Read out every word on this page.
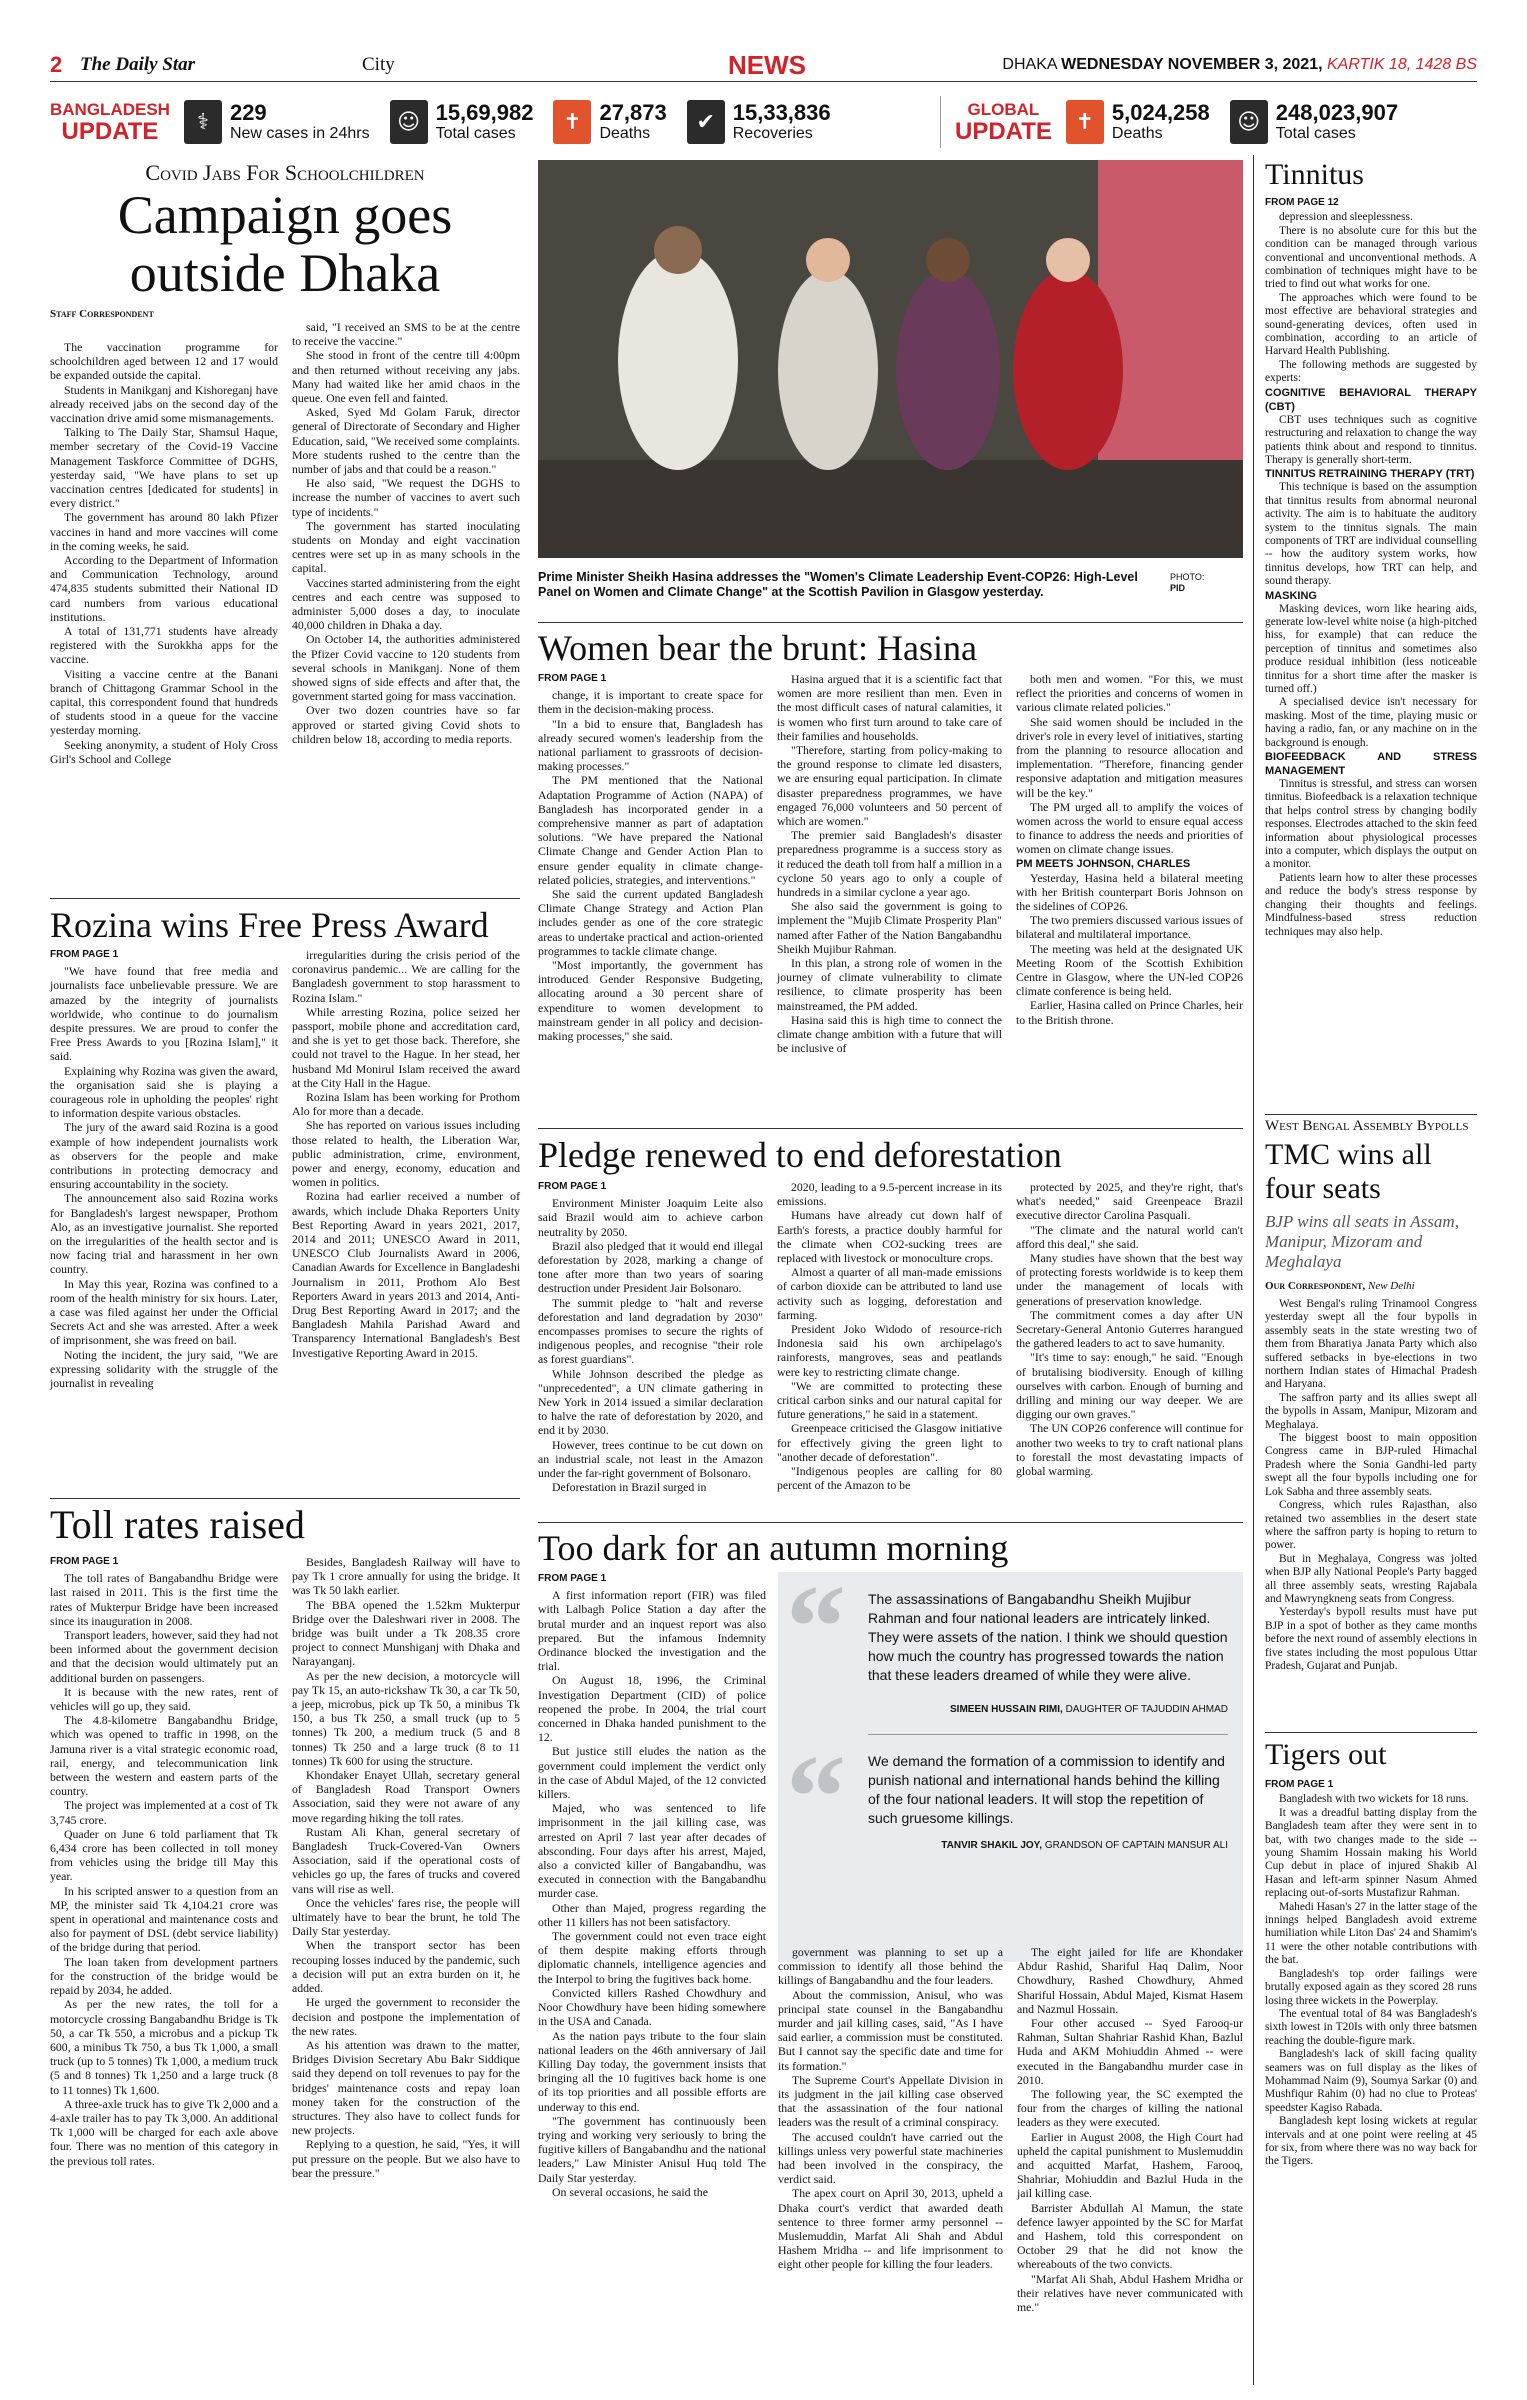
2 The Daily Star	City	NEWS	DHAKA WEDNESDAY NOVEMBER 3, 2021, KARTIK 18, 1428 BS
BANGLADESH
UPDATE	⚕ 229
New cases in 24hrs	☺ 15,69,982
Total cases	✝ 27,873
Deaths	✔ 15,33,836
Recoveries
GLOBAL
UPDATE	✝ 5,024,258
Deaths	☺ 248,023,907
Total cases
Covid Jabs For Schoolchildren
Campaign goes
outside Dhaka
Staff Correspondent

The vaccination programme for schoolchildren aged between 12 and 17 would be expanded outside the capital.

Students in Manikganj and Kishoreganj have already received jabs on the second day of the vaccination drive amid some mismanagements.

Talking to The Daily Star, Shamsul Haque, member secretary of the Covid-19 Vaccine Management Taskforce Committee of DGHS, yesterday said, "We have plans to set up vaccination centres [dedicated for students] in every district."

The government has around 80 lakh Pfizer vaccines in hand and more vaccines will come in the coming weeks, he said.

According to the Department of Information and Communication Technology, around 474,835 students submitted their National ID card numbers from various educational institutions.

A total of 131,771 students have already registered with the Surokkha apps for the vaccine.

Visiting a vaccine centre at the Banani branch of Chittagong Grammar School in the capital, this correspondent found that hundreds of students stood in a queue for the vaccine yesterday morning.

Seeking anonymity, a student of Holy Cross Girl's School and College

said, "I received an SMS to be at the centre to receive the vaccine."

She stood in front of the centre till 4:00pm and then returned without receiving any jabs. Many had waited like her amid chaos in the queue. One even fell and fainted.

Asked, Syed Md Golam Faruk, director general of Directorate of Secondary and Higher Education, said, "We received some complaints. More students rushed to the centre than the number of jabs and that could be a reason."

He also said, "We request the DGHS to increase the number of vaccines to avert such type of incidents."

The government has started inoculating students on Monday and eight vaccination centres were set up in as many schools in the capital.

Vaccines started administering from the eight centres and each centre was supposed to administer 5,000 doses a day, to inoculate 40,000 children in Dhaka a day.

On October 14, the authorities administered the Pfizer Covid vaccine to 120 students from several schools in Manikganj. None of them showed signs of side effects and after that, the government started going for mass vaccination.

Over two dozen countries have so far approved or started giving Covid shots to children below 18, according to media reports.

Prime Minister Sheikh Hasina addresses the "Women's Climate Leadership Event-COP26: High-Level Panel on Women and Climate Change" at the Scottish Pavilion in Glasgow yesterday.
PHOTO:
PID
Women bear the brunt: Hasina
FROM PAGE 1

change, it is important to create space for them in the decision-making process.

"In a bid to ensure that, Bangladesh has already secured women's leadership from the national parliament to grassroots of decision-making processes."

The PM mentioned that the National Adaptation Programme of Action (NAPA) of Bangladesh has incorporated gender in a comprehensive manner as part of adaptation solutions. "We have prepared the National Climate Change and Gender Action Plan to ensure gender equality in climate change-related policies, strategies, and interventions."

She said the current updated Bangladesh Climate Change Strategy and Action Plan includes gender as one of the core strategic areas to undertake practical and action-oriented programmes to tackle climate change.

"Most importantly, the government has introduced Gender Responsive Budgeting, allocating around a 30 percent share of expenditure to women development to mainstream gender in all policy and decision-making processes," she said.

Hasina argued that it is a scientific fact that women are more resilient than men. Even in the most difficult cases of natural calamities, it is women who first turn around to take care of their families and households.

"Therefore, starting from policy-making to the ground response to climate led disasters, we are ensuring equal participation. In climate disaster preparedness programmes, we have engaged 76,000 volunteers and 50 percent of which are women."

The premier said Bangladesh's disaster preparedness programme is a success story as it reduced the death toll from half a million in a cyclone 50 years ago to only a couple of hundreds in a similar cyclone a year ago.

She also said the government is going to implement the "Mujib Climate Prosperity Plan" named after Father of the Nation Bangabandhu Sheikh Mujibur Rahman.

In this plan, a strong role of women in the journey of climate vulnerability to climate resilience, to climate prosperity has been mainstreamed, the PM added.

Hasina said this is high time to connect the climate change ambition with a future that will be inclusive of

both men and women. "For this, we must reflect the priorities and concerns of women in various climate related policies."

She said women should be included in the driver's role in every level of initiatives, starting from the planning to resource allocation and implementation. "Therefore, financing gender responsive adaptation and mitigation measures will be the key."

The PM urged all to amplify the voices of women across the world to ensure equal access to finance to address the needs and priorities of women on climate change issues.

PM MEETS JOHNSON, CHARLES

Yesterday, Hasina held a bilateral meeting with her British counterpart Boris Johnson on the sidelines of COP26.

The two premiers discussed various issues of bilateral and multilateral importance.

The meeting was held at the designated UK Meeting Room of the Scottish Exhibition Centre in Glasgow, where the UN-led COP26 climate conference is being held.

Earlier, Hasina called on Prince Charles, heir to the British throne.

Rozina wins Free Press Award
FROM PAGE 1

"We have found that free media and journalists face unbelievable pressure. We are amazed by the integrity of journalists worldwide, who continue to do journalism despite pressures. We are proud to confer the Free Press Awards to you [Rozina Islam]," it said.

Explaining why Rozina was given the award, the organisation said she is playing a courageous role in upholding the peoples' right to information despite various obstacles.

The jury of the award said Rozina is a good example of how independent journalists work as observers for the people and make contributions in protecting democracy and ensuring accountability in the society.

The announcement also said Rozina works for Bangladesh's largest newspaper, Prothom Alo, as an investigative journalist. She reported on the irregularities of the health sector and is now facing trial and harassment in her own country.

In May this year, Rozina was confined to a room of the health ministry for six hours. Later, a case was filed against her under the Official Secrets Act and she was arrested. After a week of imprisonment, she was freed on bail.

Noting the incident, the jury said, "We are expressing solidarity with the struggle of the journalist in revealing

irregularities during the crisis period of the coronavirus pandemic... We are calling for the Bangladesh government to stop harassment to Rozina Islam."

While arresting Rozina, police seized her passport, mobile phone and accreditation card, and she is yet to get those back. Therefore, she could not travel to the Hague. In her stead, her husband Md Monirul Islam received the award at the City Hall in the Hague.

Rozina Islam has been working for Prothom Alo for more than a decade.

She has reported on various issues including those related to health, the Liberation War, public administration, crime, environment, power and energy, economy, education and women in politics.

Rozina had earlier received a number of awards, which include Dhaka Reporters Unity Best Reporting Award in years 2021, 2017, 2014 and 2011; UNESCO Award in 2011, UNESCO Club Journalists Award in 2006, Canadian Awards for Excellence in Bangladeshi Journalism in 2011, Prothom Alo Best Reporters Award in years 2013 and 2014, Anti-Drug Best Reporting Award in 2017; and the Bangladesh Mahila Parishad Award and Transparency International Bangladesh's Best Investigative Reporting Award in 2015.

Pledge renewed to end deforestation
FROM PAGE 1

Environment Minister Joaquim Leite also said Brazil would aim to achieve carbon neutrality by 2050.

Brazil also pledged that it would end illegal deforestation by 2028, marking a change of tone after more than two years of soaring destruction under President Jair Bolsonaro.

The summit pledge to "halt and reverse deforestation and land degradation by 2030" encompasses promises to secure the rights of indigenous peoples, and recognise "their role as forest guardians".

While Johnson described the pledge as "unprecedented", a UN climate gathering in New York in 2014 issued a similar declaration to halve the rate of deforestation by 2020, and end it by 2030.

However, trees continue to be cut down on an industrial scale, not least in the Amazon under the far-right government of Bolsonaro.

Deforestation in Brazil surged in

2020, leading to a 9.5-percent increase in its emissions.

Humans have already cut down half of Earth's forests, a practice doubly harmful for the climate when CO2-sucking trees are replaced with livestock or monoculture crops.

Almost a quarter of all man-made emissions of carbon dioxide can be attributed to land use activity such as logging, deforestation and farming.

President Joko Widodo of resource-rich Indonesia said his own archipelago's rainforests, mangroves, seas and peatlands were key to restricting climate change.

"We are committed to protecting these critical carbon sinks and our natural capital for future generations," he said in a statement.

Greenpeace criticised the Glasgow initiative for effectively giving the green light to "another decade of deforestation".

"Indigenous peoples are calling for 80 percent of the Amazon to be

protected by 2025, and they're right, that's what's needed," said Greenpeace Brazil executive director Carolina Pasquali.

"The climate and the natural world can't afford this deal," she said.

Many studies have shown that the best way of protecting forests worldwide is to keep them under the management of locals with generations of preservation knowledge.

The commitment comes a day after UN Secretary-General Antonio Guterres harangued the gathered leaders to act to save humanity.

"It's time to say: enough," he said. "Enough of brutalising biodiversity. Enough of killing ourselves with carbon. Enough of burning and drilling and mining our way deeper. We are digging our own graves."

The UN COP26 conference will continue for another two weeks to try to craft national plans to forestall the most devastating impacts of global warming.

Toll rates raised
FROM PAGE 1

The toll rates of Bangabandhu Bridge were last raised in 2011. This is the first time the rates of Mukterpur Bridge have been increased since its inauguration in 2008.

Transport leaders, however, said they had not been informed about the government decision and that the decision would ultimately put an additional burden on passengers.

It is because with the new rates, rent of vehicles will go up, they said.

The 4.8-kilometre Bangabandhu Bridge, which was opened to traffic in 1998, on the Jamuna river is a vital strategic economic road, rail, energy, and telecommunication link between the western and eastern parts of the country.

The project was implemented at a cost of Tk 3,745 crore.

Quader on June 6 told parliament that Tk 6,434 crore has been collected in toll money from vehicles using the bridge till May this year.

In his scripted answer to a question from an MP, the minister said Tk 4,104.21 crore was spent in operational and maintenance costs and also for payment of DSL (debt service liability) of the bridge during that period.

The loan taken from development partners for the construction of the bridge would be repaid by 2034, he added.

As per the new rates, the toll for a motorcycle crossing Bangabandhu Bridge is Tk 50, a car Tk 550, a microbus and a pickup Tk 600, a minibus Tk 750, a bus Tk 1,000, a small truck (up to 5 tonnes) Tk 1,000, a medium truck (5 and 8 tonnes) Tk 1,250 and a large truck (8 to 11 tonnes) Tk 1,600.

A three-axle truck has to give Tk 2,000 and a 4-axle trailer has to pay Tk 3,000. An additional Tk 1,000 will be charged for each axle above four. There was no mention of this category in the previous toll rates.

Besides, Bangladesh Railway will have to pay Tk 1 crore annually for using the bridge. It was Tk 50 lakh earlier.

The BBA opened the 1.52km Mukterpur Bridge over the Daleshwari river in 2008. The bridge was built under a Tk 208.35 crore project to connect Munshiganj with Dhaka and Narayanganj.

As per the new decision, a motorcycle will pay Tk 15, an auto-rickshaw Tk 30, a car Tk 50, a jeep, microbus, pick up Tk 50, a minibus Tk 150, a bus Tk 250, a small truck (up to 5 tonnes) Tk 200, a medium truck (5 and 8 tonnes) Tk 250 and a large truck (8 to 11 tonnes) Tk 600 for using the structure.

Khondaker Enayet Ullah, secretary general of Bangladesh Road Transport Owners Association, said they were not aware of any move regarding hiking the toll rates.

Rustam Ali Khan, general secretary of Bangladesh Truck-Covered-Van Owners Association, said if the operational costs of vehicles go up, the fares of trucks and covered vans will rise as well.

Once the vehicles' fares rise, the people will ultimately have to bear the brunt, he told The Daily Star yesterday.

When the transport sector has been recouping losses induced by the pandemic, such a decision will put an extra burden on it, he added.

He urged the government to reconsider the decision and postpone the implementation of the new rates.

As his attention was drawn to the matter, Bridges Division Secretary Abu Bakr Siddique said they depend on toll revenues to pay for the bridges' maintenance costs and repay loan money taken for the construction of the structures. They also have to collect funds for new projects.

Replying to a question, he said, "Yes, it will put pressure on the people. But we also have to bear the pressure."

Too dark for an autumn morning
FROM PAGE 1

A first information report (FIR) was filed with Lalbagh Police Station a day after the brutal murder and an inquest report was also prepared. But the infamous Indemnity Ordinance blocked the investigation and the trial.

On August 18, 1996, the Criminal Investigation Department (CID) of police reopened the probe. In 2004, the trial court concerned in Dhaka handed punishment to the 12.

But justice still eludes the nation as the government could implement the verdict only in the case of Abdul Majed, of the 12 convicted killers.

Majed, who was sentenced to life imprisonment in the jail killing case, was arrested on April 7 last year after decades of absconding. Four days after his arrest, Majed, also a convicted killer of Bangabandhu, was executed in connection with the Bangabandhu murder case.

Other than Majed, progress regarding the other 11 killers has not been satisfactory.

The government could not even trace eight of them despite making efforts through diplomatic channels, intelligence agencies and the Interpol to bring the fugitives back home.

Convicted killers Rashed Chowdhury and Noor Chowdhury have been hiding somewhere in the USA and Canada.

As the nation pays tribute to the four slain national leaders on the 46th anniversary of Jail Killing Day today, the government insists that bringing all the 10 fugitives back home is one of its top priorities and all possible efforts are underway to this end.

"The government has continuously been trying and working very seriously to bring the fugitive killers of Bangabandhu and the national leaders," Law Minister Anisul Huq told The Daily Star yesterday.

On several occasions, he said the

“ The assassinations of Bangabandhu Sheikh Mujibur Rahman and four national leaders are intricately linked. They were assets of the nation. I think we should question how much the country has progressed towards the nation that these leaders dreamed of while they were alive.
SIMEEN HUSSAIN RIMI, DAUGHTER OF TAJUDDIN AHMAD
“ We demand the formation of a commission to identify and punish national and international hands behind the killing of the four national leaders. It will stop the repetition of such gruesome killings.
TANVIR SHAKIL JOY, GRANDSON OF CAPTAIN MANSUR ALI

government was planning to set up a commission to identify all those behind the killings of Bangabandhu and the four leaders.

About the commission, Anisul, who was principal state counsel in the Bangabandhu murder and jail killing cases, said, "As I have said earlier, a commission must be constituted. But I cannot say the specific date and time for its formation."

The Supreme Court's Appellate Division in its judgment in the jail killing case observed that the assassination of the four national leaders was the result of a criminal conspiracy.

The accused couldn't have carried out the killings unless very powerful state machineries had been involved in the conspiracy, the verdict said.

The apex court on April 30, 2013, upheld a Dhaka court's verdict that awarded death sentence to three former army personnel -- Muslemuddin, Marfat Ali Shah and Abdul Hashem Mridha -- and life imprisonment to eight other people for killing the four leaders.

The eight jailed for life are Khondaker Abdur Rashid, Shariful Haq Dalim, Noor Chowdhury, Rashed Chowdhury, Ahmed Shariful Hossain, Abdul Majed, Kismat Hasem and Nazmul Hossain.

Four other accused -- Syed Farooq-ur Rahman, Sultan Shahriar Rashid Khan, Bazlul Huda and AKM Mohiuddin Ahmed -- were executed in the Bangabandhu murder case in 2010.

The following year, the SC exempted the four from the charges of killing the national leaders as they were executed.

Earlier in August 2008, the High Court had upheld the capital punishment to Muslemuddin and acquitted Marfat, Hashem, Farooq, Shahriar, Mohiuddin and Bazlul Huda in the jail killing case.

Barrister Abdullah Al Mamun, the state defence lawyer appointed by the SC for Marfat and Hashem, told this correspondent on October 29 that he did not know the whereabouts of the two convicts.

"Marfat Ali Shah, Abdul Hashem Mridha or their relatives have never communicated with me."

Tinnitus
FROM PAGE 12

depression and sleeplessness.

There is no absolute cure for this but the condition can be managed through various conventional and unconventional methods. A combination of techniques might have to be tried to find out what works for one.

The approaches which were found to be most effective are behavioral strategies and sound-generating devices, often used in combination, according to an article of Harvard Health Publishing.

The following methods are suggested by experts:

COGNITIVE BEHAVIORAL THERAPY (CBT)

CBT uses techniques such as cognitive restructuring and relaxation to change the way patients think about and respond to tinnitus. Therapy is generally short-term.

TINNITUS RETRAINING THERAPY (TRT)

This technique is based on the assumption that tinnitus results from abnormal neuronal activity. The aim is to habituate the auditory system to the tinnitus signals. The main components of TRT are individual counselling -- how the auditory system works, how tinnitus develops, how TRT can help, and sound therapy.

MASKING

Masking devices, worn like hearing aids, generate low-level white noise (a high-pitched hiss, for example) that can reduce the perception of tinnitus and sometimes also produce residual inhibition (less noticeable tinnitus for a short time after the masker is turned off.)

A specialised device isn't necessary for masking. Most of the time, playing music or having a radio, fan, or any machine on in the background is enough.

BIOFEEDBACK AND STRESS MANAGEMENT

Tinnitus is stressful, and stress can worsen tinnitus. Biofeedback is a relaxation technique that helps control stress by changing bodily responses. Electrodes attached to the skin feed information about physiological processes into a computer, which displays the output on a monitor.

Patients learn how to alter these processes and reduce the body's stress response by changing their thoughts and feelings. Mindfulness-based stress reduction techniques may also help.

West Bengal Assembly Bypolls
TMC wins all four seats
BJP wins all seats in Assam, Manipur, Mizoram and Meghalaya
Our Correspondent, New Delhi

West Bengal's ruling Trinamool Congress yesterday swept all the four bypolls in assembly seats in the state wresting two of them from Bharatiya Janata Party which also suffered setbacks in bye-elections in two northern Indian states of Himachal Pradesh and Haryana.

The saffron party and its allies swept all the bypolls in Assam, Manipur, Mizoram and Meghalaya.

The biggest boost to main opposition Congress came in BJP-ruled Himachal Pradesh where the Sonia Gandhi-led party swept all the four bypolls including one for Lok Sabha and three assembly seats.

Congress, which rules Rajasthan, also retained two assemblies in the desert state where the saffron party is hoping to return to power.

But in Meghalaya, Congress was jolted when BJP ally National People's Party bagged all three assembly seats, wresting Rajabala and Mawryngkneng seats from Congress.

Yesterday's bypoll results must have put BJP in a spot of bother as they came months before the next round of assembly elections in five states including the most populous Uttar Pradesh, Gujarat and Punjab.

Tigers out
FROM PAGE 1

Bangladesh with two wickets for 18 runs.

It was a dreadful batting display from the Bangladesh team after they were sent in to bat, with two changes made to the side -- young Shamim Hossain making his World Cup debut in place of injured Shakib Al Hasan and left-arm spinner Nasum Ahmed replacing out-of-sorts Mustafizur Rahman.

Mahedi Hasan's 27 in the latter stage of the innings helped Bangladesh avoid extreme humiliation while Liton Das' 24 and Shamim's 11 were the other notable contributions with the bat.

Bangladesh's top order failings were brutally exposed again as they scored 28 runs losing three wickets in the Powerplay.

The eventual total of 84 was Bangladesh's sixth lowest in T20Is with only three batsmen reaching the double-figure mark.

Bangladesh's lack of skill facing quality seamers was on full display as the likes of Mohammad Naim (9), Soumya Sarkar (0) and Mushfiqur Rahim (0) had no clue to Proteas' speedster Kagiso Rabada.

Bangladesh kept losing wickets at regular intervals and at one point were reeling at 45 for six, from where there was no way back for the Tigers.
